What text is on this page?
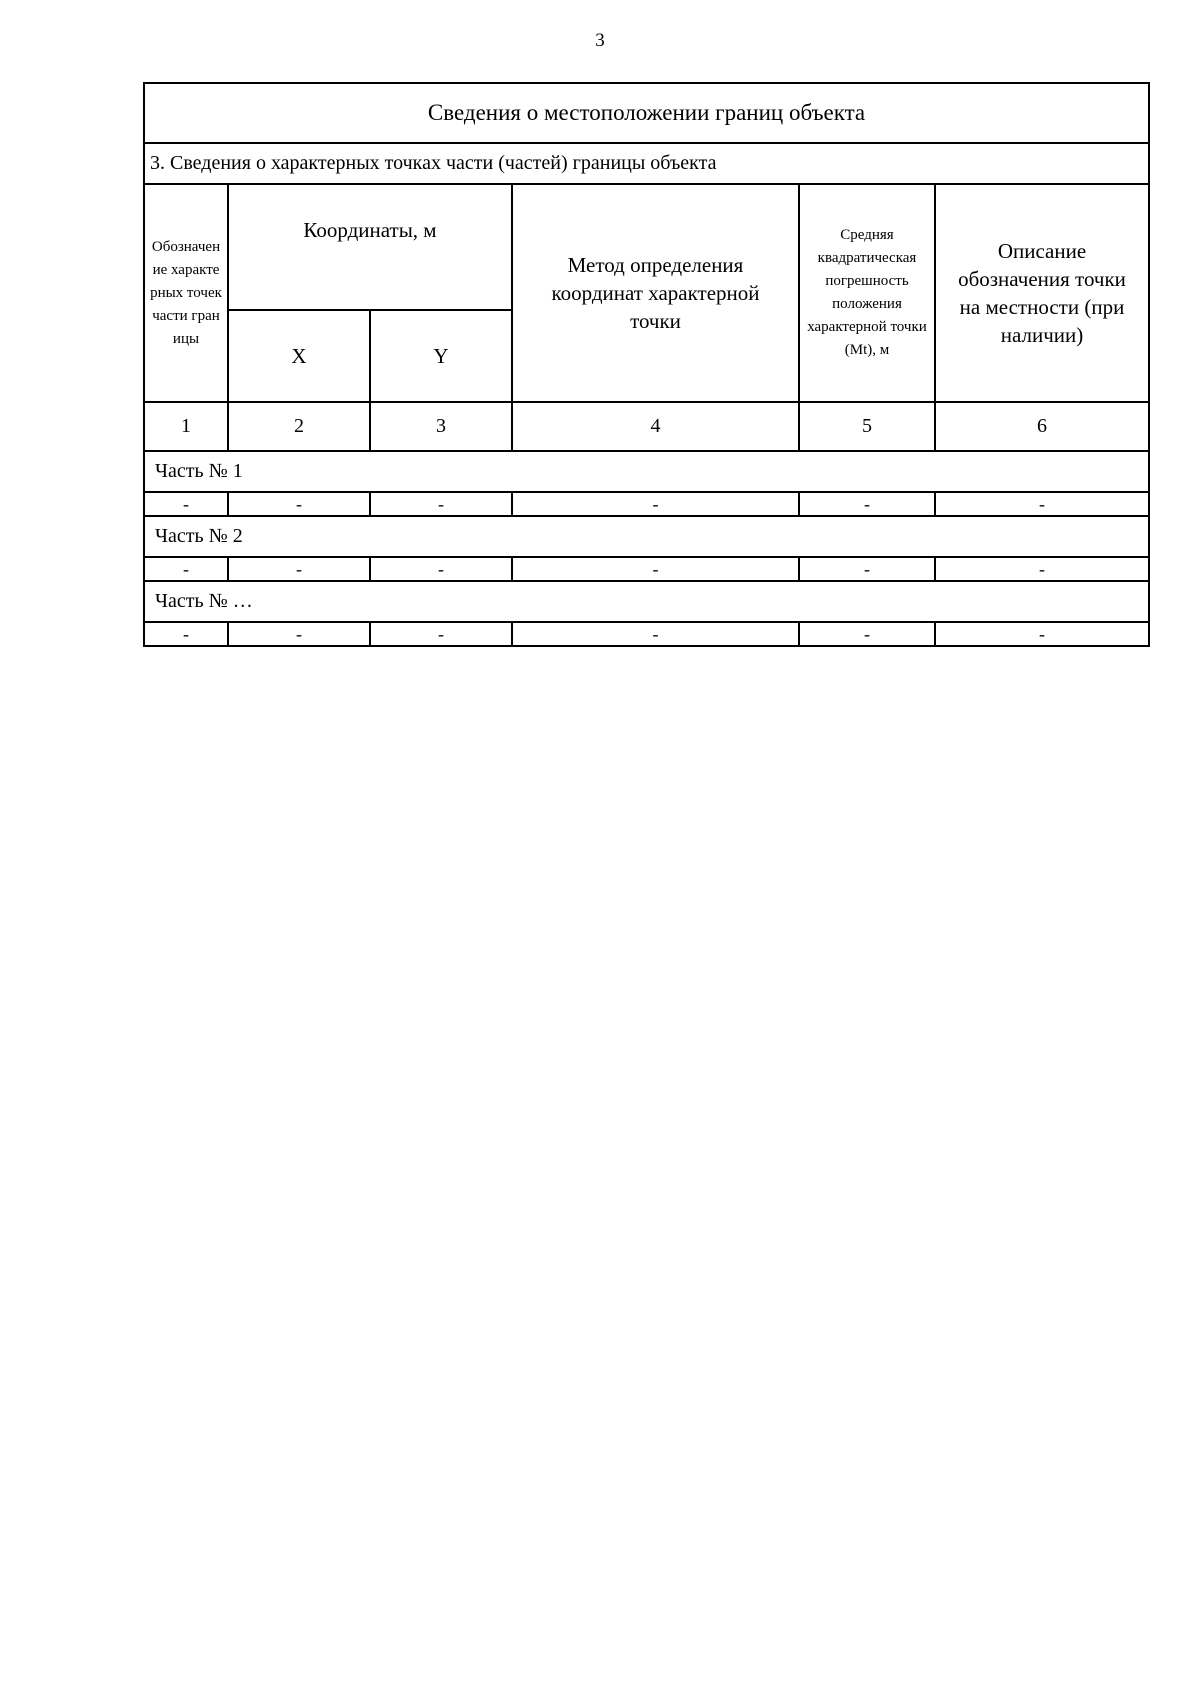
3
Сведения о местоположении границ объекта					
3. Сведения о характерных точках части (частей) границы объекта					
Обозначение характерных точек части границы	Координаты, м		Метод определения координат характерной точки	Средняя квадратическая погрешность положения характерной точки (Mt), м	Описание обозначения точки на местности (при наличии)
	X	Y			
1	2	3	4	5	6
Часть № 1					
-	-	-	-	-	-
Часть № 2					
-	-	-	-	-	-
Часть № …					
-	-	-	-	-	-
